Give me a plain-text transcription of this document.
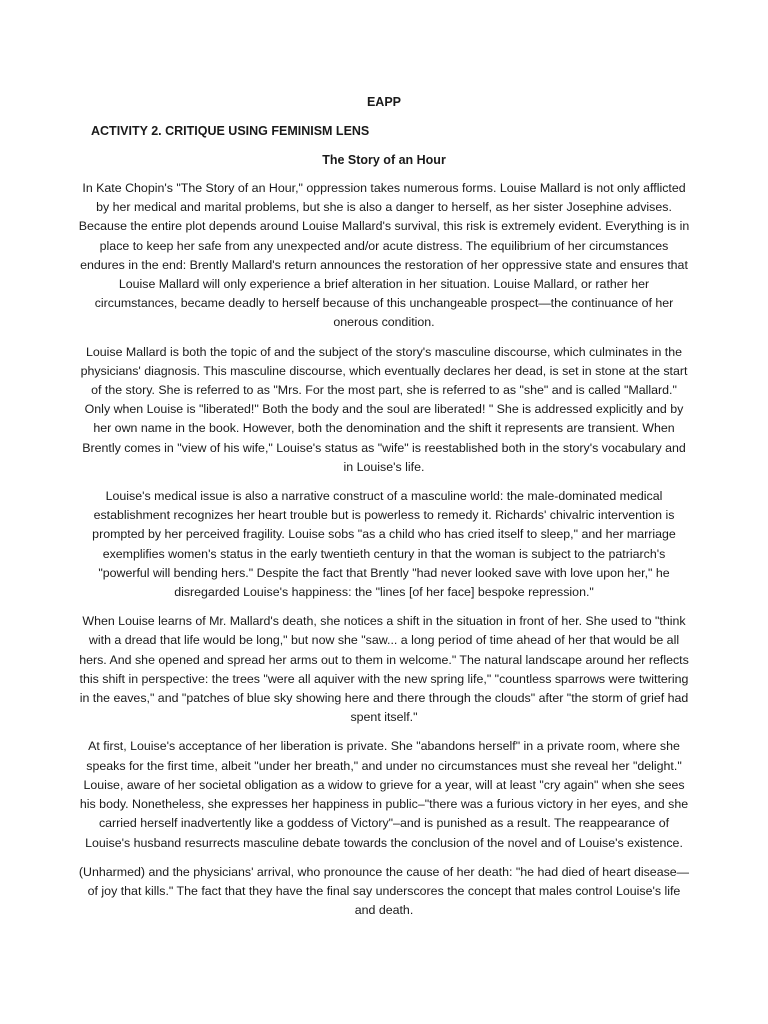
EAPP
ACTIVITY 2. CRITIQUE USING FEMINISM LENS
The Story of an Hour

In Kate Chopin's "The Story of an Hour," oppression takes numerous forms. Louise Mallard is not only afflicted by her medical and marital problems, but she is also a danger to herself, as her sister Josephine advises. Because the entire plot depends around Louise Mallard's survival, this risk is extremely evident. Everything is in place to keep her safe from any unexpected and/or acute distress. The equilibrium of her circumstances endures in the end: Brently Mallard's return announces the restoration of her oppressive state and ensures that Louise Mallard will only experience a brief alteration in her situation. Louise Mallard, or rather her circumstances, became deadly to herself because of this unchangeable prospect—the continuance of her onerous condition.

Louise Mallard is both the topic of and the subject of the story's masculine discourse, which culminates in the physicians' diagnosis. This masculine discourse, which eventually declares her dead, is set in stone at the start of the story. She is referred to as "Mrs. For the most part, she is referred to as "she" and is called "Mallard." Only when Louise is "liberated!" Both the body and the soul are liberated! " She is addressed explicitly and by her own name in the book. However, both the denomination and the shift it represents are transient. When Brently comes in "view of his wife," Louise's status as "wife" is reestablished both in the story's vocabulary and in Louise's life.

Louise's medical issue is also a narrative construct of a masculine world: the male-dominated medical establishment recognizes her heart trouble but is powerless to remedy it. Richards' chivalric intervention is prompted by her perceived fragility. Louise sobs "as a child who has cried itself to sleep," and her marriage exemplifies women's status in the early twentieth century in that the woman is subject to the patriarch's "powerful will bending hers." Despite the fact that Brently "had never looked save with love upon her," he disregarded Louise's happiness: the "lines [of her face] bespoke repression."

When Louise learns of Mr. Mallard's death, she notices a shift in the situation in front of her. She used to "think with a dread that life would be long," but now she "saw... a long period of time ahead of her that would be all hers. And she opened and spread her arms out to them in welcome." The natural landscape around her reflects this shift in perspective: the trees "were all aquiver with the new spring life," "countless sparrows were twittering in the eaves," and "patches of blue sky showing here and there through the clouds" after "the storm of grief had spent itself."

At first, Louise's acceptance of her liberation is private. She "abandons herself" in a private room, where she speaks for the first time, albeit "under her breath," and under no circumstances must she reveal her "delight." Louise, aware of her societal obligation as a widow to grieve for a year, will at least "cry again" when she sees his body. Nonetheless, she expresses her happiness in public–"there was a furious victory in her eyes, and she carried herself inadvertently like a goddess of Victory"–and is punished as a result. The reappearance of Louise's husband resurrects masculine debate towards the conclusion of the novel and of Louise's existence.

(Unharmed) and the physicians' arrival, who pronounce the cause of her death: "he had died of heart disease—of joy that kills." The fact that they have the final say underscores the concept that males control Louise's life and death.
